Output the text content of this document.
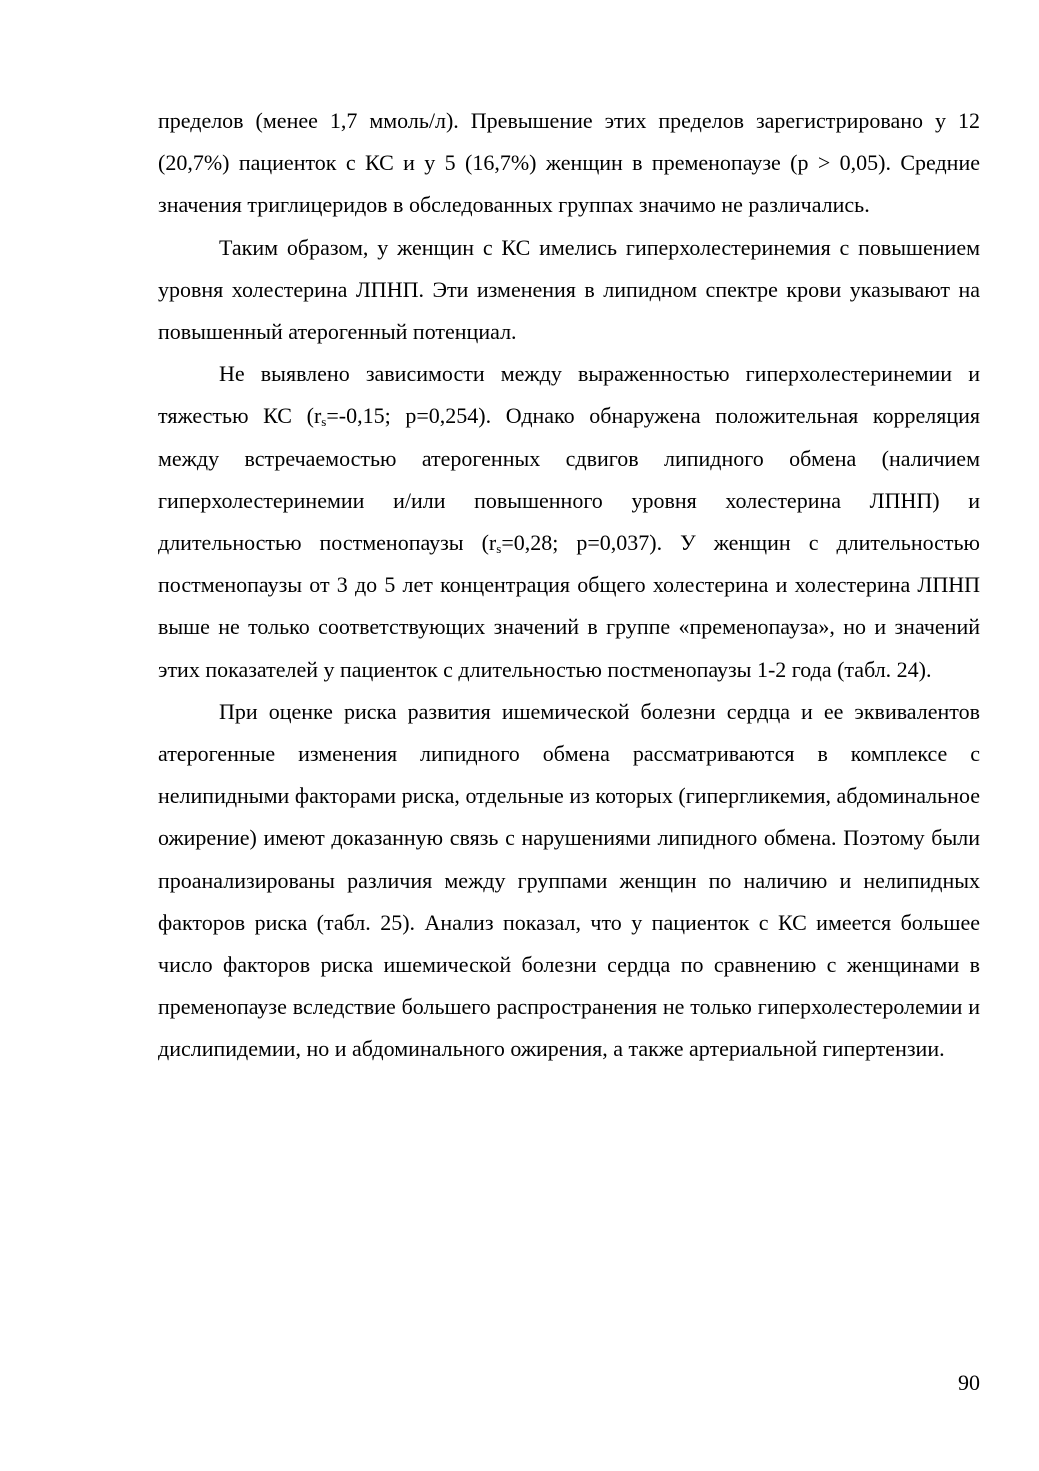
пределов (менее 1,7 ммоль/л). Превышение этих пределов зарегистрировано у 12 (20,7%) пациенток с КС и у 5 (16,7%) женщин в пременопаузе (p > 0,05). Средние значения триглицеридов в обследованных группах значимо не различались.

Таким образом, у женщин с КС имелись гиперхолестеринемия с повышением уровня холестерина ЛПНП. Эти изменения в липидном спектре крови указывают на повышенный атерогенный потенциал.

Не выявлено зависимости между выраженностью гиперхолестеринемии и тяжестью КС ($r_s=-0,15$; p=0,254). Однако обнаружена положительная корреляция между встречаемостью атерогенных сдвигов липидного обмена (наличием гиперхолестеринемии и/или повышенного уровня холестерина ЛПНП) и длительностью постменопаузы ($r_s=0,28$; p=0,037). У женщин с длительностью постменопаузы от 3 до 5 лет концентрация общего холестерина и холестерина ЛПНП выше не только соответствующих значений в группе «пременопауза», но и значений этих показателей у пациенток с длительностью постменопаузы 1-2 года (табл. 24).

При оценке риска развития ишемической болезни сердца и ее эквивалентов атерогенные изменения липидного обмена рассматриваются в комплексе с нелипидными факторами риска, отдельные из которых (гипергликемия, абдоминальное ожирение) имеют доказанную связь с нарушениями липидного обмена. Поэтому были проанализированы различия между группами женщин по наличию и нелипидных факторов риска (табл. 25). Анализ показал, что у пациенток с КС имеется большее число факторов риска ишемической болезни сердца по сравнению с женщинами в пременопаузе вследствие большего распространения не только гиперхолестеролемии и дислипидемии, но и абдоминального ожирения, а также артериальной гипертензии.

90
